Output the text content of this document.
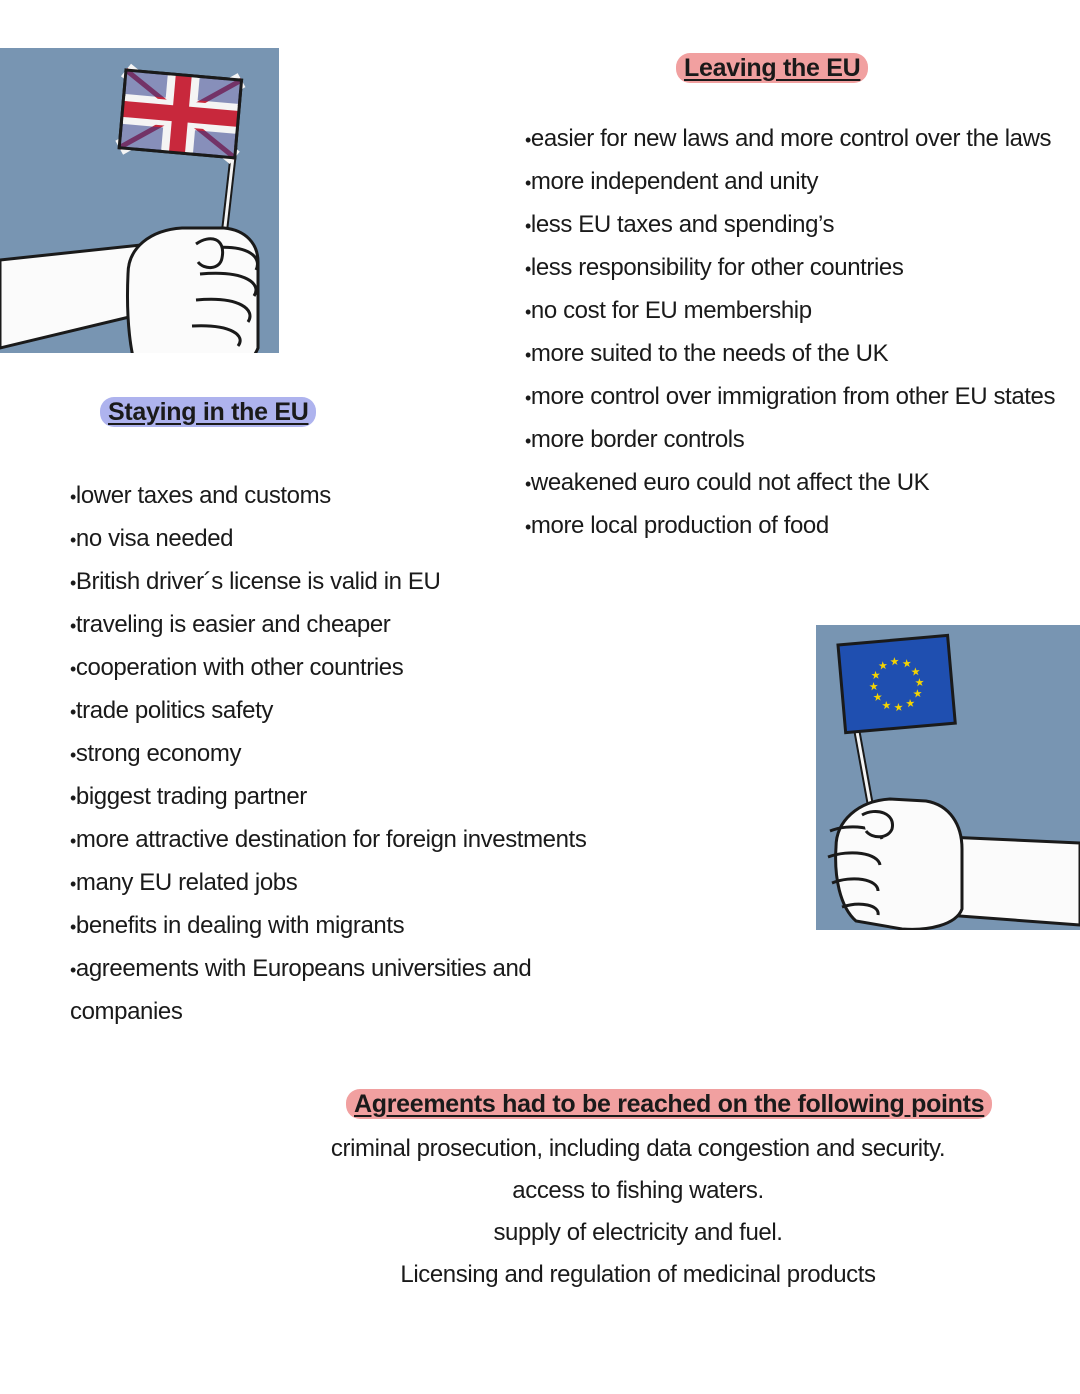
Leaving the EU
• easier for new laws and more control over the laws
• more independent and unity
• less EU taxes and spending’s
• less responsibility for other countries
• no cost for EU membership
• more suited to the needs of the UK
• more control over immigration from other EU states
• more border controls
• weakened euro could not affect the UK
• more local production of food
Staying in the EU
• lower taxes and customs
• no visa needed
• British driver´s license is valid in EU
• traveling is easier and cheaper
• cooperation with other countries
• trade politics safety
• strong economy
• biggest trading partner
• more attractive destination for foreign investments
• many EU related jobs
• benefits in dealing with migrants
• agreements with Europeans universities and
companies
★ ★
★
★
★
★
★
★
★
★
★
★
Agreements had to be reached on the following points
criminal prosecution, including data congestion and security.
access to fishing waters.
supply of electricity and fuel.
Licensing and regulation of medicinal products
